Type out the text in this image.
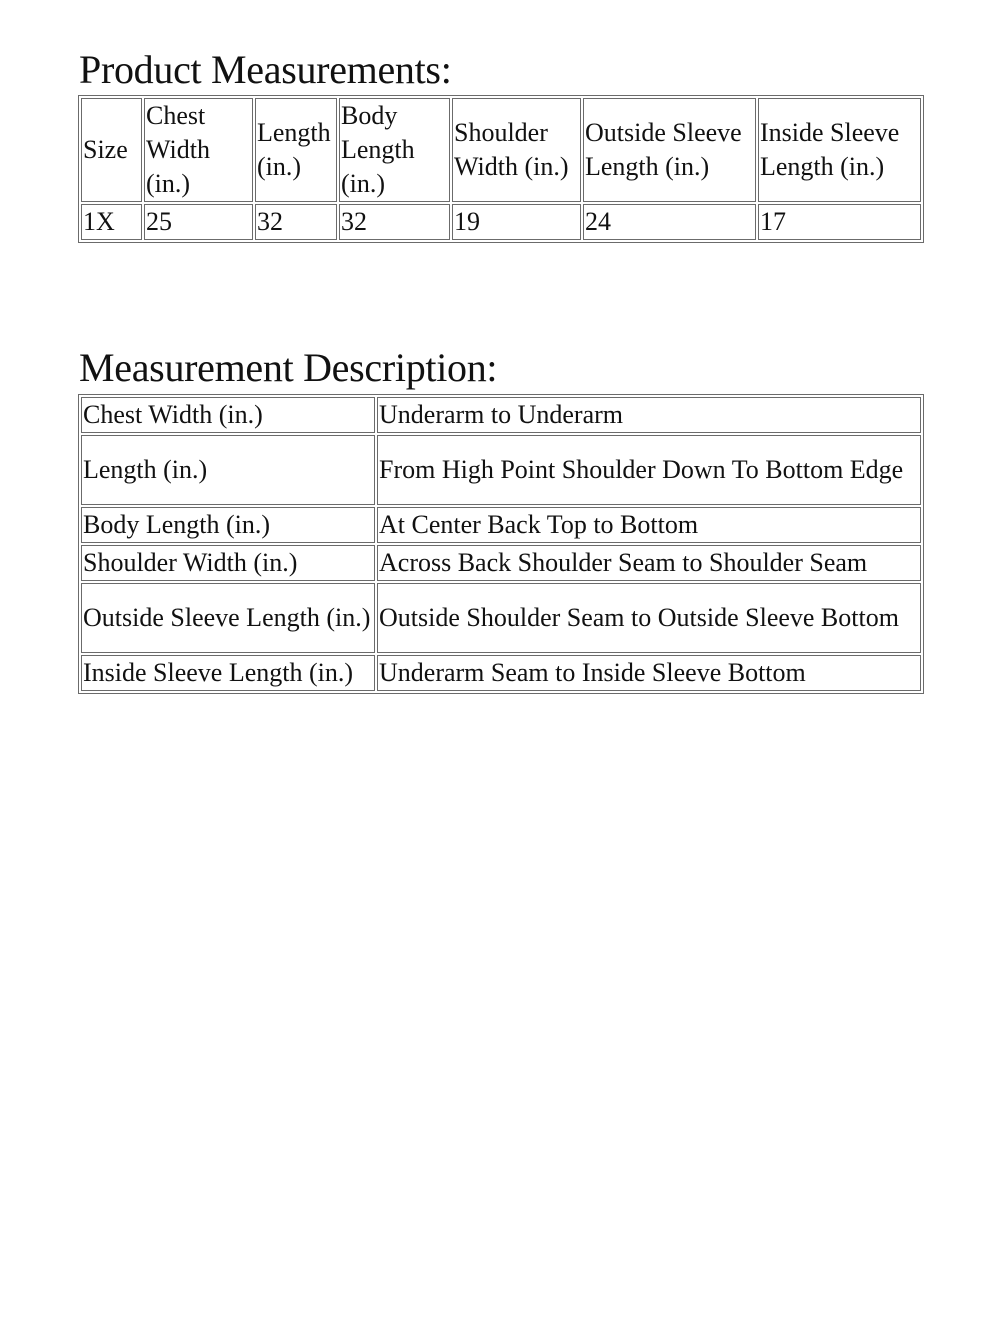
Product Measurements:
Size	Chest Width (in.)	Length (in.)	Body Length (in.)	Shoulder Width (in.)	Outside Sleeve Length (in.)	Inside Sleeve Length (in.)
1X	25	32	32	19	24	17
Measurement Description:
Chest Width (in.)	Underarm to Underarm
Length (in.)	From High Point Shoulder Down To Bottom Edge
Body Length (in.)	At Center Back Top to Bottom
Shoulder Width (in.)	Across Back Shoulder Seam to Shoulder Seam
Outside Sleeve Length (in.)	Outside Shoulder Seam to Outside Sleeve Bottom
Inside Sleeve Length (in.)	Underarm Seam to Inside Sleeve Bottom
